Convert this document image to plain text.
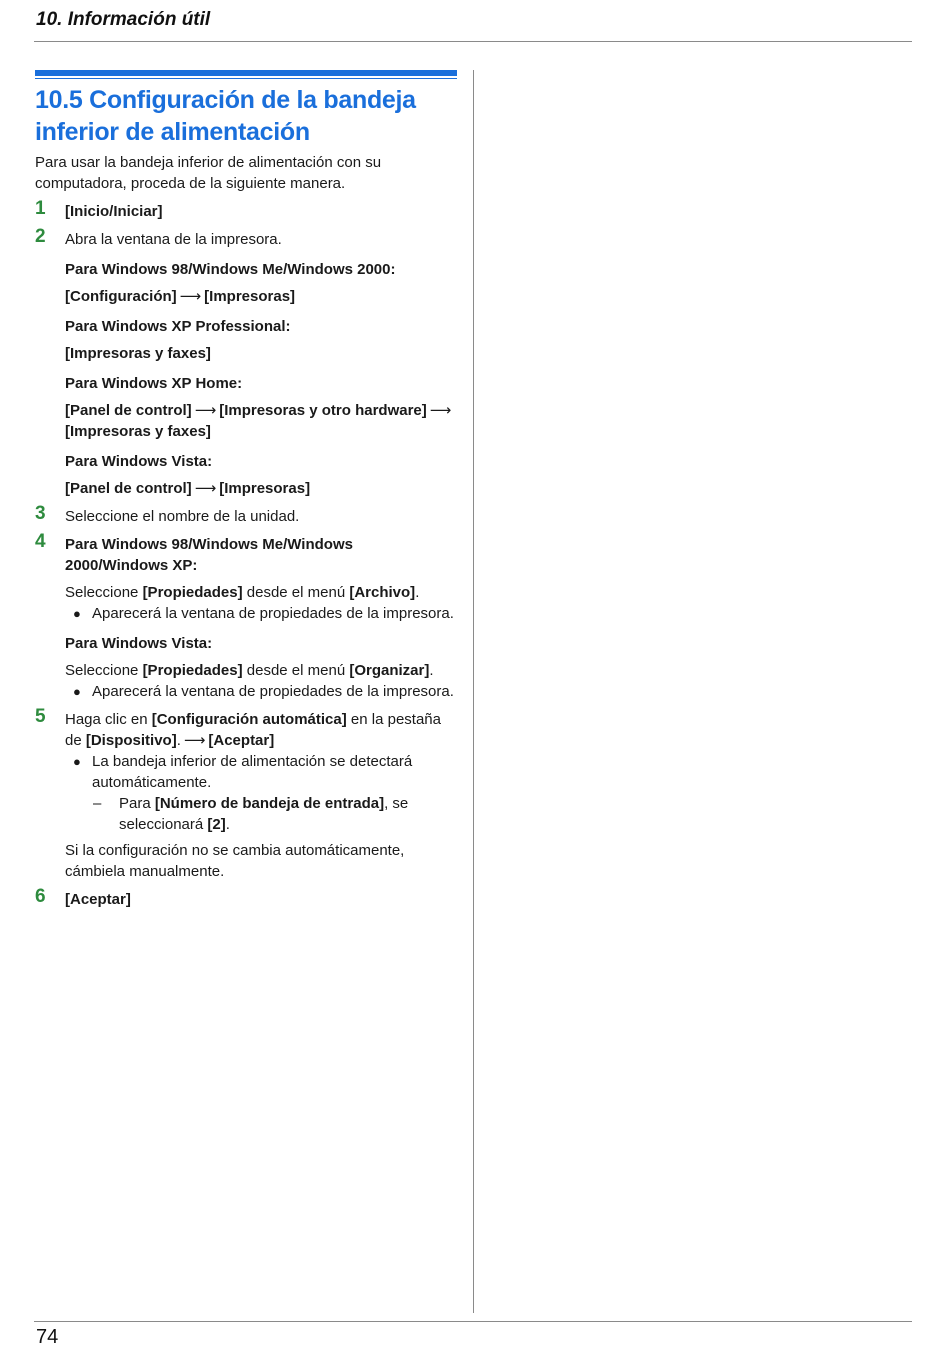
10. Información útil
10.5 Configuración de la bandeja inferior de alimentación

Para usar la bandeja inferior de alimentación con su computadora, proceda de la siguiente manera.

1 [Inicio/Iniciar]

2 Abra la ventana de la impresora.

Para Windows 98/Windows Me/Windows 2000:

[Configuración] ⟶ [Impresoras]

Para Windows XP Professional:

[Impresoras y faxes]

Para Windows XP Home:

[Panel de control] ⟶ [Impresoras y otro hardware] ⟶
[Impresoras y faxes]

Para Windows Vista:

[Panel de control] ⟶ [Impresoras]

3 Seleccione el nombre de la unidad.

4 Para Windows 98/Windows Me/Windows 2000/Windows XP:

Seleccione [Propiedades] desde el menú [Archivo].

● Aparecerá la ventana de propiedades de la impresora.

Para Windows Vista:

Seleccione [Propiedades] desde el menú [Organizar].

● Aparecerá la ventana de propiedades de la impresora.
5 Haga clic en [Configuración automática] en la pestaña de [Dispositivo]. ⟶ [Aceptar]

● La bandeja inferior de alimentación se detectará automáticamente.
– Para [Número de bandeja de entrada], se seleccionará [2].

Si la configuración no se cambia automáticamente, cámbiela manualmente.

6 [Aceptar]

74
